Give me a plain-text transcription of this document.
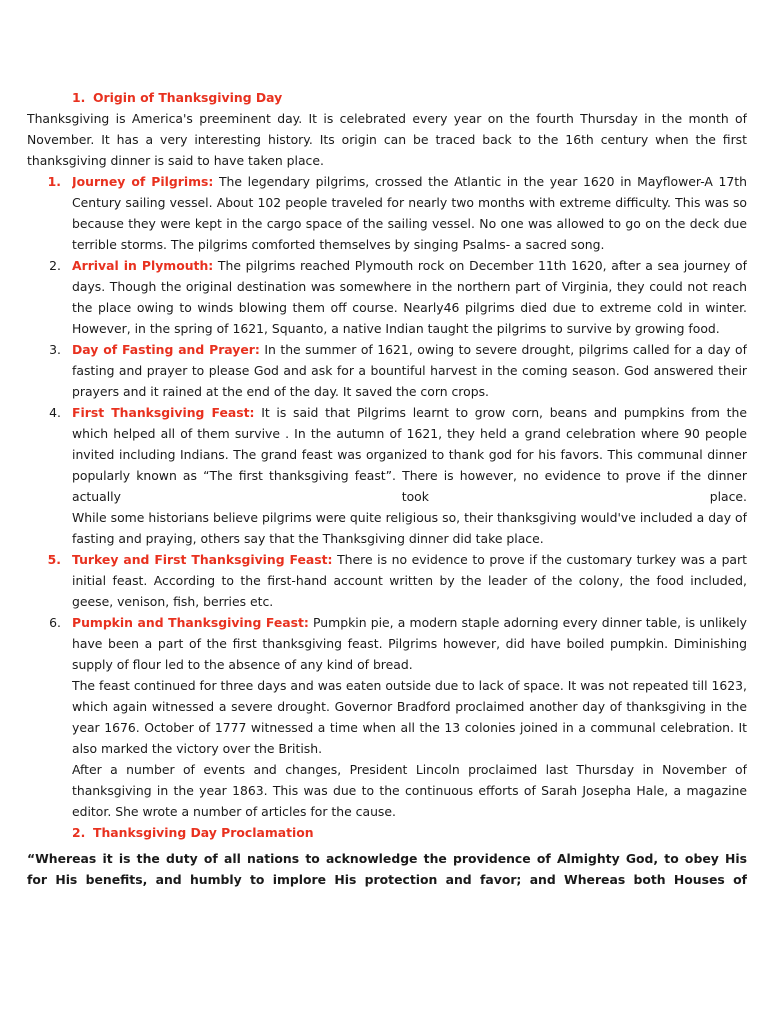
1. Origin of Thanksgiving Day
Thanksgiving is America's preeminent day. It is celebrated every year on the fourth Thursday in the month of
November. It has a very interesting history. Its origin can be traced back to the 16th century when the first
thanksgiving dinner is said to have taken place.
1. Journey of Pilgrims: The legendary pilgrims, crossed the Atlantic in the year 1620 in Mayflower-A 17th
Century sailing vessel. About 102 people traveled for nearly two months with extreme difficulty. This was so
because they were kept in the cargo space of the sailing vessel. No one was allowed to go on the deck due
terrible storms. The pilgrims comforted themselves by singing Psalms- a sacred song.
2. Arrival in Plymouth: The pilgrims reached Plymouth rock on December 11th 1620, after a sea journey of
days. Though the original destination was somewhere in the northern part of Virginia, they could not reach
the place owing to winds blowing them off course. Nearly46 pilgrims died due to extreme cold in winter.
However, in the spring of 1621, Squanto, a native Indian taught the pilgrims to survive by growing food.
3. Day of Fasting and Prayer: In the summer of 1621, owing to severe drought, pilgrims called for a day of
fasting and prayer to please God and ask for a bountiful harvest in the coming season. God answered their
prayers and it rained at the end of the day. It saved the corn crops.
4. First Thanksgiving Feast: It is said that Pilgrims learnt to grow corn, beans and pumpkins from the
which helped all of them survive . In the autumn of 1621, they held a grand celebration where 90 people
invited including Indians. The grand feast was organized to thank god for his favors. This communal dinner
popularly known as “The first thanksgiving feast”. There is however, no evidence to prove if the dinner
actually took place.
While some historians believe pilgrims were quite religious so, their thanksgiving would've included a day of
fasting and praying, others say that the Thanksgiving dinner did take place.
5. Turkey and First Thanksgiving Feast: There is no evidence to prove if the customary turkey was a part
initial feast. According to the first-hand account written by the leader of the colony, the food included,
geese, venison, fish, berries etc.
6. Pumpkin and Thanksgiving Feast: Pumpkin pie, a modern staple adorning every dinner table, is unlikely
have been a part of the first thanksgiving feast. Pilgrims however, did have boiled pumpkin. Diminishing
supply of flour led to the absence of any kind of bread.
The feast continued for three days and was eaten outside due to lack of space. It was not repeated till 1623,
which again witnessed a severe drought. Governor Bradford proclaimed another day of thanksgiving in the
year 1676. October of 1777 witnessed a time when all the 13 colonies joined in a communal celebration. It
also marked the victory over the British.
After a number of events and changes, President Lincoln proclaimed last Thursday in November of
thanksgiving in the year 1863. This was due to the continuous efforts of Sarah Josepha Hale, a magazine
editor. She wrote a number of articles for the cause.
2. Thanksgiving Day Proclamation
“Whereas it is the duty of all nations to acknowledge the providence of Almighty God, to obey His
for His benefits, and humbly to implore His protection and favor; and Whereas both Houses of
